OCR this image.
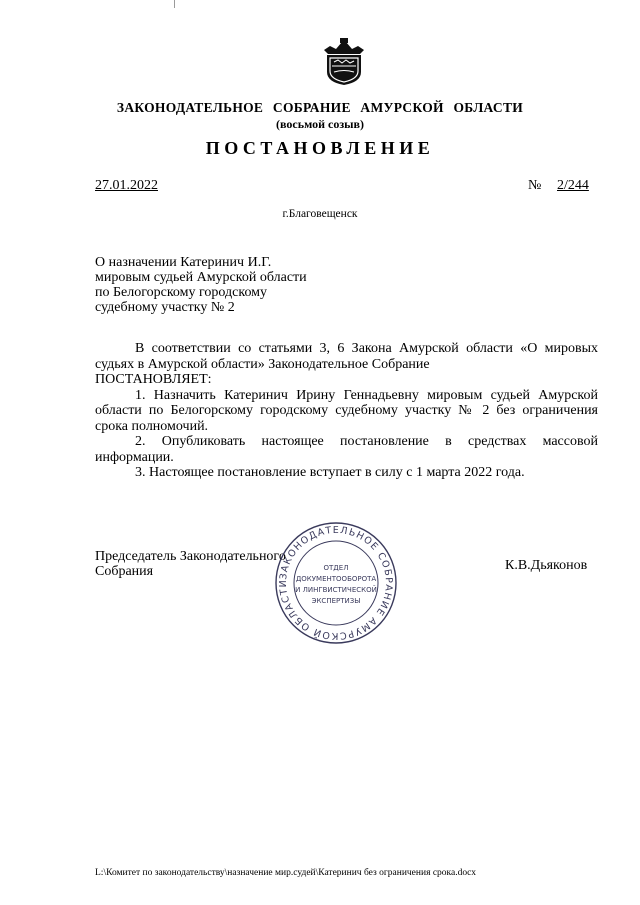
ЗАКОНОДАТЕЛЬНОЕ СОБРАНИЕ АМУРСКОЙ ОБЛАСТИ
(восьмой созыв)
ПОСТАНОВЛЕНИЕ
27.01.2022	№ 2/244
г.Благовещенск
О назначении Катеринич И.Г.
мировым судьей Амурской области
по Белогорскому городскому
судебному участку № 2

В соответствии со статьями 3, 6 Закона Амурской области «О мировых судьях в Амурской области» Законодательное Собрание

ПОСТАНОВЛЯЕТ:

1. Назначить Катеринич Ирину Геннадьевну мировым судьей Амурской области по Белогорскому городскому судебному участку № 2 без ограничения срока полномочий.

2. Опубликовать настоящее постановление в средствах массовой информации.

3. Настоящее постановление вступает в силу с 1 марта 2022 года.

Председатель Законодательного
Собрания	К.В.Дьяконов
ЗАКОНОДАТЕЛЬНОЕ СОБРАНИЕ АМУРСКОЙ ОБЛАСТИ
ОТДЕЛ
ДОКУМЕНТООБОРОТА
И ЛИНГВИСТИЧЕСКОЙ
ЭКСПЕРТИЗЫ
L:\Комитет по законодательству\назначение мир.судей\Катеринич без ограничения срока.docx
